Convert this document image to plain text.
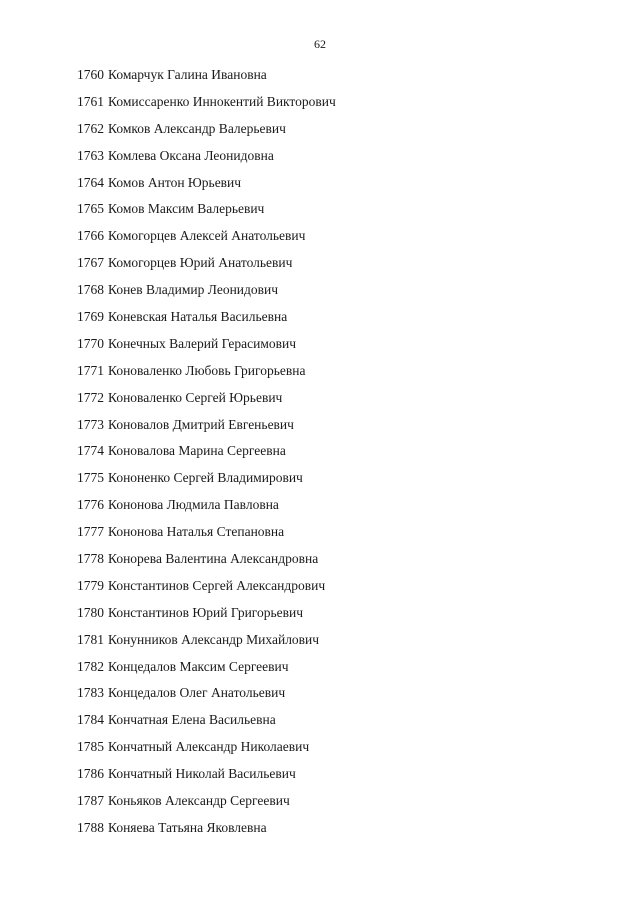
62
1760 Комарчук Галина Ивановна
1761 Комиссаренко Иннокентий Викторович
1762 Комков Александр Валерьевич
1763 Комлева Оксана Леонидовна
1764 Комов Антон Юрьевич
1765 Комов Максим Валерьевич
1766 Комогорцев Алексей Анатольевич
1767 Комогорцев Юрий Анатольевич
1768 Конев Владимир Леонидович
1769 Коневская Наталья Васильевна
1770 Конечных Валерий Герасимович
1771 Коноваленко Любовь Григорьевна
1772 Коноваленко Сергей Юрьевич
1773 Коновалов Дмитрий Евгеньевич
1774 Коновалова Марина Сергеевна
1775 Кононенко Сергей Владимирович
1776 Кононова Людмила Павловна
1777 Кононова Наталья Степановна
1778 Конорева Валентина Александровна
1779 Константинов Сергей Александрович
1780 Константинов Юрий Григорьевич
1781 Конунников Александр Михайлович
1782 Концедалов Максим Сергеевич
1783 Концедалов Олег Анатольевич
1784 Кончатная Елена Васильевна
1785 Кончатный Александр Николаевич
1786 Кончатный Николай Васильевич
1787 Коньяков Александр Сергеевич
1788 Коняева Татьяна Яковлевна
